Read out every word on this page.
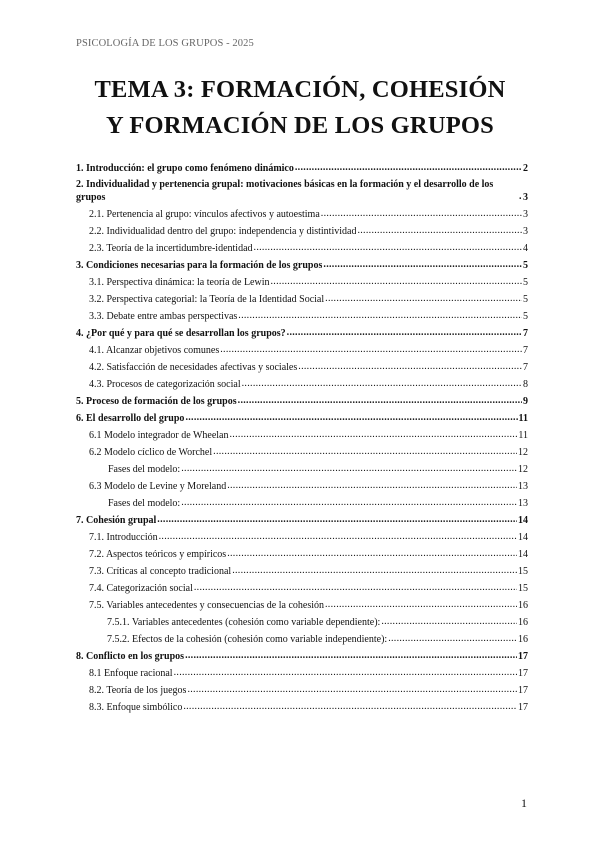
PSICOLOGÍA DE LOS GRUPOS - 2025
TEMA 3: FORMACIÓN, COHESIÓN
Y FORMACIÓN DE LOS GRUPOS
1. Introducción: el grupo como fenómeno dinámico .....	2
2. Individualidad y pertenencia grupal: motivaciones básicas en la formación y el desarrollo de los grupos .....	3
2.1. Pertenencia al grupo: vínculos afectivos y autoestima .....	3
2.2. Individualidad dentro del grupo: independencia y distintividad .....	3
2.3. Teoría de la incertidumbre-identidad .....	4
3. Condiciones necesarias para la formación de los grupos .....	5
3.1. Perspectiva dinámica: la teoría de Lewin .....	5
3.2. Perspectiva categorial: la Teoría de la Identidad Social .....	5
3.3. Debate entre ambas perspectivas .....	5
4. ¿Por qué y para qué se desarrollan los grupos? .....	7
4.1. Alcanzar objetivos comunes .....	7
4.2. Satisfacción de necesidades afectivas y sociales .....	7
4.3. Procesos de categorización social .....	8
5. Proceso de formación de los grupos .....	9
6. El desarrollo del grupo .....	11
6.1 Modelo integrador de Wheelan .....	11
6.2 Modelo cíclico de Worchel .....	12
Fases del modelo: .....	12
6.3 Modelo de Levine y Moreland .....	13
Fases del modelo: .....	13
7. Cohesión grupal .....	14
7.1. Introducción .....	14
7.2. Aspectos teóricos y empíricos .....	14
7.3. Críticas al concepto tradicional .....	15
7.4. Categorización social .....	15
7.5. Variables antecedentes y consecuencias de la cohesión .....	16
7.5.1. Variables antecedentes (cohesión como variable dependiente): .....	16
7.5.2. Efectos de la cohesión (cohesión como variable independiente): .....	16
8. Conflicto en los grupos .....	17
8.1 Enfoque racional .....	17
8.2. Teoría de los juegos .....	17
8.3. Enfoque simbólico .....	17
1
